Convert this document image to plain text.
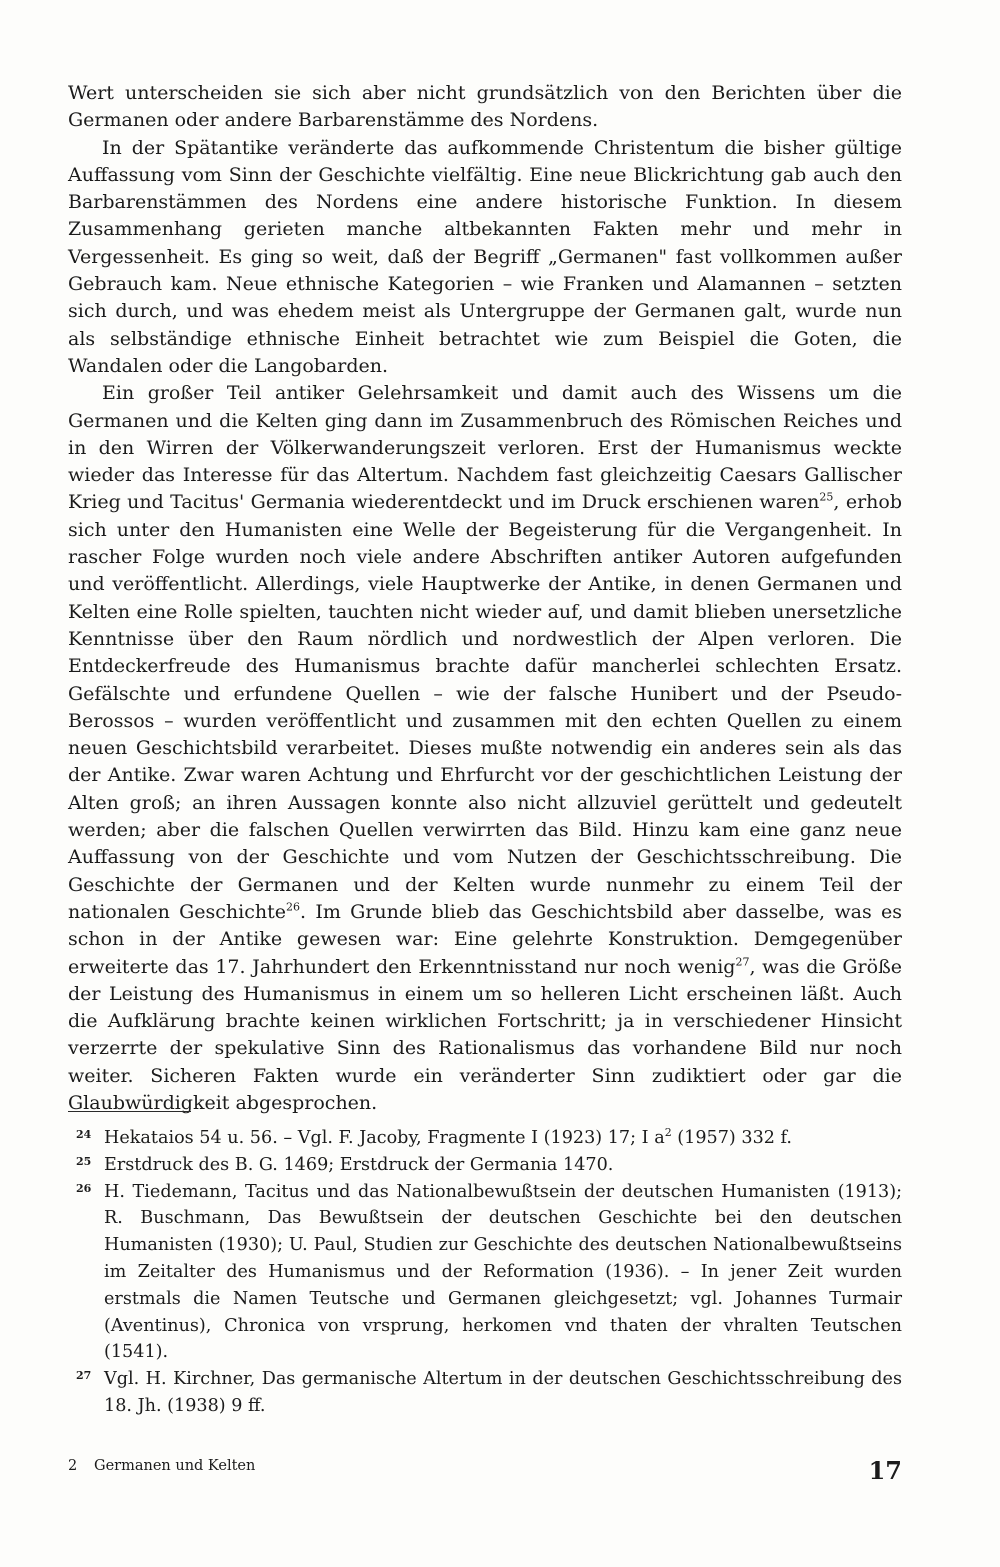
Wert unterscheiden sie sich aber nicht grundsätzlich von den Berichten über die Germanen oder andere Barbarenstämme des Nordens.

In der Spätantike veränderte das aufkommende Christentum die bisher gültige Auffassung vom Sinn der Geschichte vielfältig. Eine neue Blickrichtung gab auch den Barbarenstämmen des Nordens eine andere historische Funktion. In diesem Zusammenhang gerieten manche altbekannten Fakten mehr und mehr in Vergessenheit. Es ging so weit, daß der Begriff „Germanen" fast vollkommen außer Gebrauch kam. Neue ethnische Kategorien – wie Franken und Alamannen – setzten sich durch, und was ehedem meist als Untergruppe der Germanen galt, wurde nun als selbständige ethnische Einheit betrachtet wie zum Beispiel die Goten, die Wandalen oder die Langobarden.

Ein großer Teil antiker Gelehrsamkeit und damit auch des Wissens um die Germanen und die Kelten ging dann im Zusammenbruch des Römischen Reiches und in den Wirren der Völkerwanderungszeit verloren. Erst der Humanismus weckte wieder das Interesse für das Altertum. Nachdem fast gleichzeitig Caesars Gallischer Krieg und Tacitus' Germania wiederentdeckt und im Druck erschienen waren$^{25}$, erhob sich unter den Humanisten eine Welle der Begeisterung für die Vergangenheit. In rascher Folge wurden noch viele andere Abschriften antiker Autoren aufgefunden und veröffentlicht. Allerdings, viele Hauptwerke der Antike, in denen Germanen und Kelten eine Rolle spielten, tauchten nicht wieder auf, und damit blieben unersetzliche Kenntnisse über den Raum nördlich und nordwestlich der Alpen verloren. Die Entdeckerfreude des Humanismus brachte dafür mancherlei schlechten Ersatz. Gefälschte und erfundene Quellen – wie der falsche Hunibert und der Pseudo-Berossos – wurden veröffentlicht und zusammen mit den echten Quellen zu einem neuen Geschichtsbild verarbeitet. Dieses mußte notwendig ein anderes sein als das der Antike. Zwar waren Achtung und Ehrfurcht vor der geschichtlichen Leistung der Alten groß; an ihren Aussagen konnte also nicht allzuviel gerüttelt und gedeutelt werden; aber die falschen Quellen verwirrten das Bild. Hinzu kam eine ganz neue Auffassung von der Geschichte und vom Nutzen der Geschichtsschreibung. Die Geschichte der Germanen und der Kelten wurde nunmehr zu einem Teil der nationalen Geschichte$^{26}$. Im Grunde blieb das Geschichtsbild aber dasselbe, was es schon in der Antike gewesen war: Eine gelehrte Konstruktion. Demgegenüber erweiterte das 17. Jahrhundert den Erkenntnisstand nur noch wenig$^{27}$, was die Größe der Leistung des Humanismus in einem um so helleren Licht erscheinen läßt. Auch die Aufklärung brachte keinen wirklichen Fortschritt; ja in verschiedener Hinsicht verzerrte der spekulative Sinn des Rationalismus das vorhandene Bild nur noch weiter. Sicheren Fakten wurde ein veränderter Sinn zudiktiert oder gar die Glaubwürdigkeit abgesprochen.

24 Hekataios 54 u. 56. – Vgl. F. Jacoby, Fragmente I (1923) 17; I $a^2$ (1957) 332 f.

25 Erstdruck des B. G. 1469; Erstdruck der Germania 1470.

26 H. Tiedemann, Tacitus und das Nationalbewußtsein der deutschen Humanisten (1913); R. Buschmann, Das Bewußtsein der deutschen Geschichte bei den deutschen Humanisten (1930); U. Paul, Studien zur Geschichte des deutschen Nationalbewußtseins im Zeitalter des Humanismus und der Reformation (1936). – In jener Zeit wurden erstmals die Namen Teutsche und Germanen gleichgesetzt; vgl. Johannes Turmair (Aventinus), Chronica von vrsprung, herkomen vnd thaten der vhralten Teutschen (1541).

27 Vgl. H. Kirchner, Das germanische Altertum in der deutschen Geschichtsschreibung des 18. Jh. (1938) 9 ff.

2 Germanen und Kelten	17
